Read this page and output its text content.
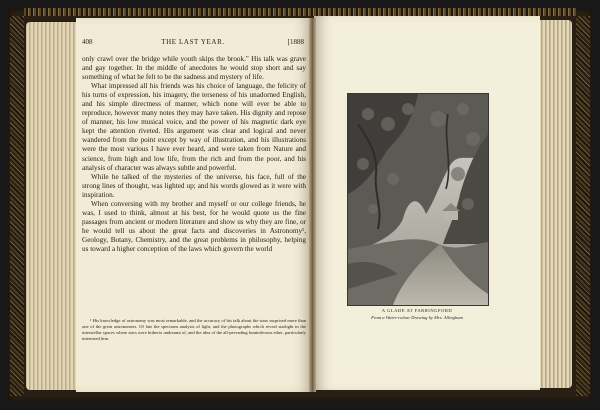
408	THE LAST YEAR.	[1888

only crawl over the bridge while youth skips the brook." His talk was grave and gay together. In the middle of anecdotes he would stop short and say something of what he felt to be the sadness and mystery of life.

What impressed all his friends was his choice of language, the felicity of his turns of expression, his imagery, the terseness of his unadorned English, and his simple directness of manner, which none will ever be able to reproduce, however many notes they may have taken. His dignity and repose of manner, his low musical voice, and the power of his magnetic dark eye kept the attention riveted. His argument was clear and logical and never wandered from the point except by way of illustration, and his illustrations were the most various I have ever heard, and were taken from Nature and science, from high and low life, from the rich and from the poor, and his analysis of character was always subtle and powerful.

While he talked of the mysteries of the universe, his face, full of the strong lines of thought, was lighted up; and his words glowed as it were with inspiration.

When conversing with my brother and myself or our college friends, he was, I used to think, almost at his best, for he would quote us the fine passages from ancient or modern literature and show us why they are fine, or he would tell us about the great facts and discoveries in Astronomy¹, Geology, Botany, Chemistry, and the great problems in philosophy, helping us toward a higher conception of the laws which govern the world

¹ His knowledge of astronomy was most remarkable, and the accuracy of his talk about the stars surprised more than one of the great astronomers. Of late the spectrum analysis of light, and the photographs which reveal starlight in the interstellar spaces where stars were hitherto undreamt of, and the idea of the all-pervading luminiferous ether, particularly interested him.

A GLADE AT FARRINGFORD
From a Water-colour Drawing by Mrs. Allingham
